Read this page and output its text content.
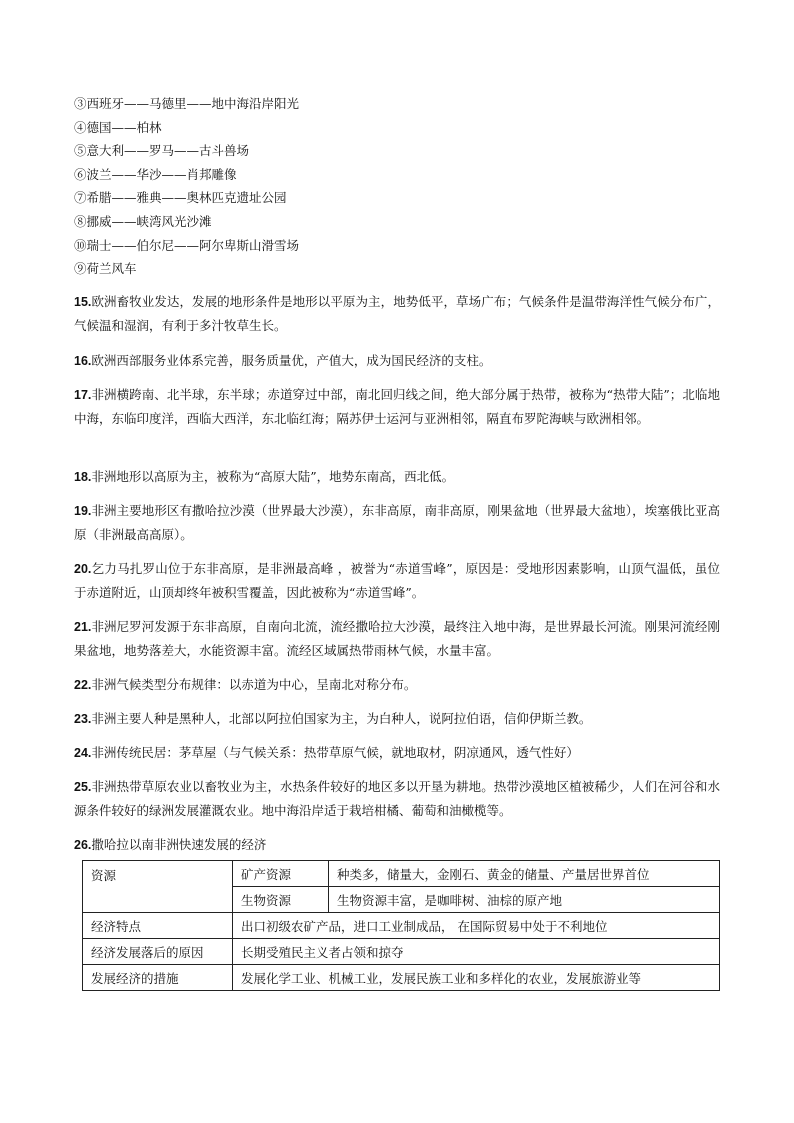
③西班牙——马德里——地中海沿岸阳光
④德国——柏林
⑤意大利——罗马——古斗兽场
⑥波兰——华沙——肖邦雕像
⑦希腊——雅典——奥林匹克遗址公园
⑧挪威——峡湾风光沙滩
⑩瑞士——伯尔尼——阿尔卑斯山滑雪场
⑨荷兰风车
15.欧洲畜牧业发达，发展的地形条件是地形以平原为主，地势低平，草场广布；气候条件是温带海洋性气候分布广，气候温和湿润，有利于多汁牧草生长。
16.欧洲西部服务业体系完善，服务质量优，产值大，成为国民经济的支柱。
17.非洲横跨南、北半球，东半球；赤道穿过中部，南北回归线之间，绝大部分属于热带，被称为“热带大陆”；北临地中海，东临印度洋，西临大西洋，东北临红海；隔苏伊士运河与亚洲相邻，隔直布罗陀海峡与欧洲相邻。
18.非洲地形以高原为主，被称为“高原大陆”，地势东南高，西北低。
19.非洲主要地形区有撒哈拉沙漠（世界最大沙漠），东非高原，南非高原，刚果盆地（世界最大盆地），埃塞俄比亚高原（非洲最高高原）。
20.乞力马扎罗山位于东非高原，是非洲最高峰 ，被誉为“赤道雪峰”，原因是：受地形因素影响，山顶气温低，虽位于赤道附近，山顶却终年被积雪覆盖，因此被称为“赤道雪峰”。
21.非洲尼罗河发源于东非高原，自南向北流，流经撒哈拉大沙漠，最终注入地中海，是世界最长河流。刚果河流经刚果盆地，地势落差大，水能资源丰富。流经区域属热带雨林气候，水量丰富。
22.非洲气候类型分布规律：以赤道为中心，呈南北对称分布。
23.非洲主要人种是黑种人，北部以阿拉伯国家为主，为白种人，说阿拉伯语，信仰伊斯兰教。
24.非洲传统民居：茅草屋（与气候关系：热带草原气候，就地取材，阴凉通风，透气性好）
25.非洲热带草原农业以畜牧业为主，水热条件较好的地区多以开垦为耕地。热带沙漠地区植被稀少，人们在河谷和水源条件较好的绿洲发展灌溉农业。地中海沿岸适于栽培柑橘、葡萄和油橄榄等。
26.撒哈拉以南非洲快速发展的经济
资源	矿产资源	种类多，储量大，金刚石、黄金的储量、产量居世界首位
	生物资源	生物资源丰富，是咖啡树、油棕的原产地
经济特点	出口初级农矿产品，进口工业制成品， 在国际贸易中处于不利地位	
经济发展落后的原因	长期受殖民主义者占领和掠夺	
发展经济的措施	发展化学工业、机械工业，发展民族工业和多样化的农业，发展旅游业等	
